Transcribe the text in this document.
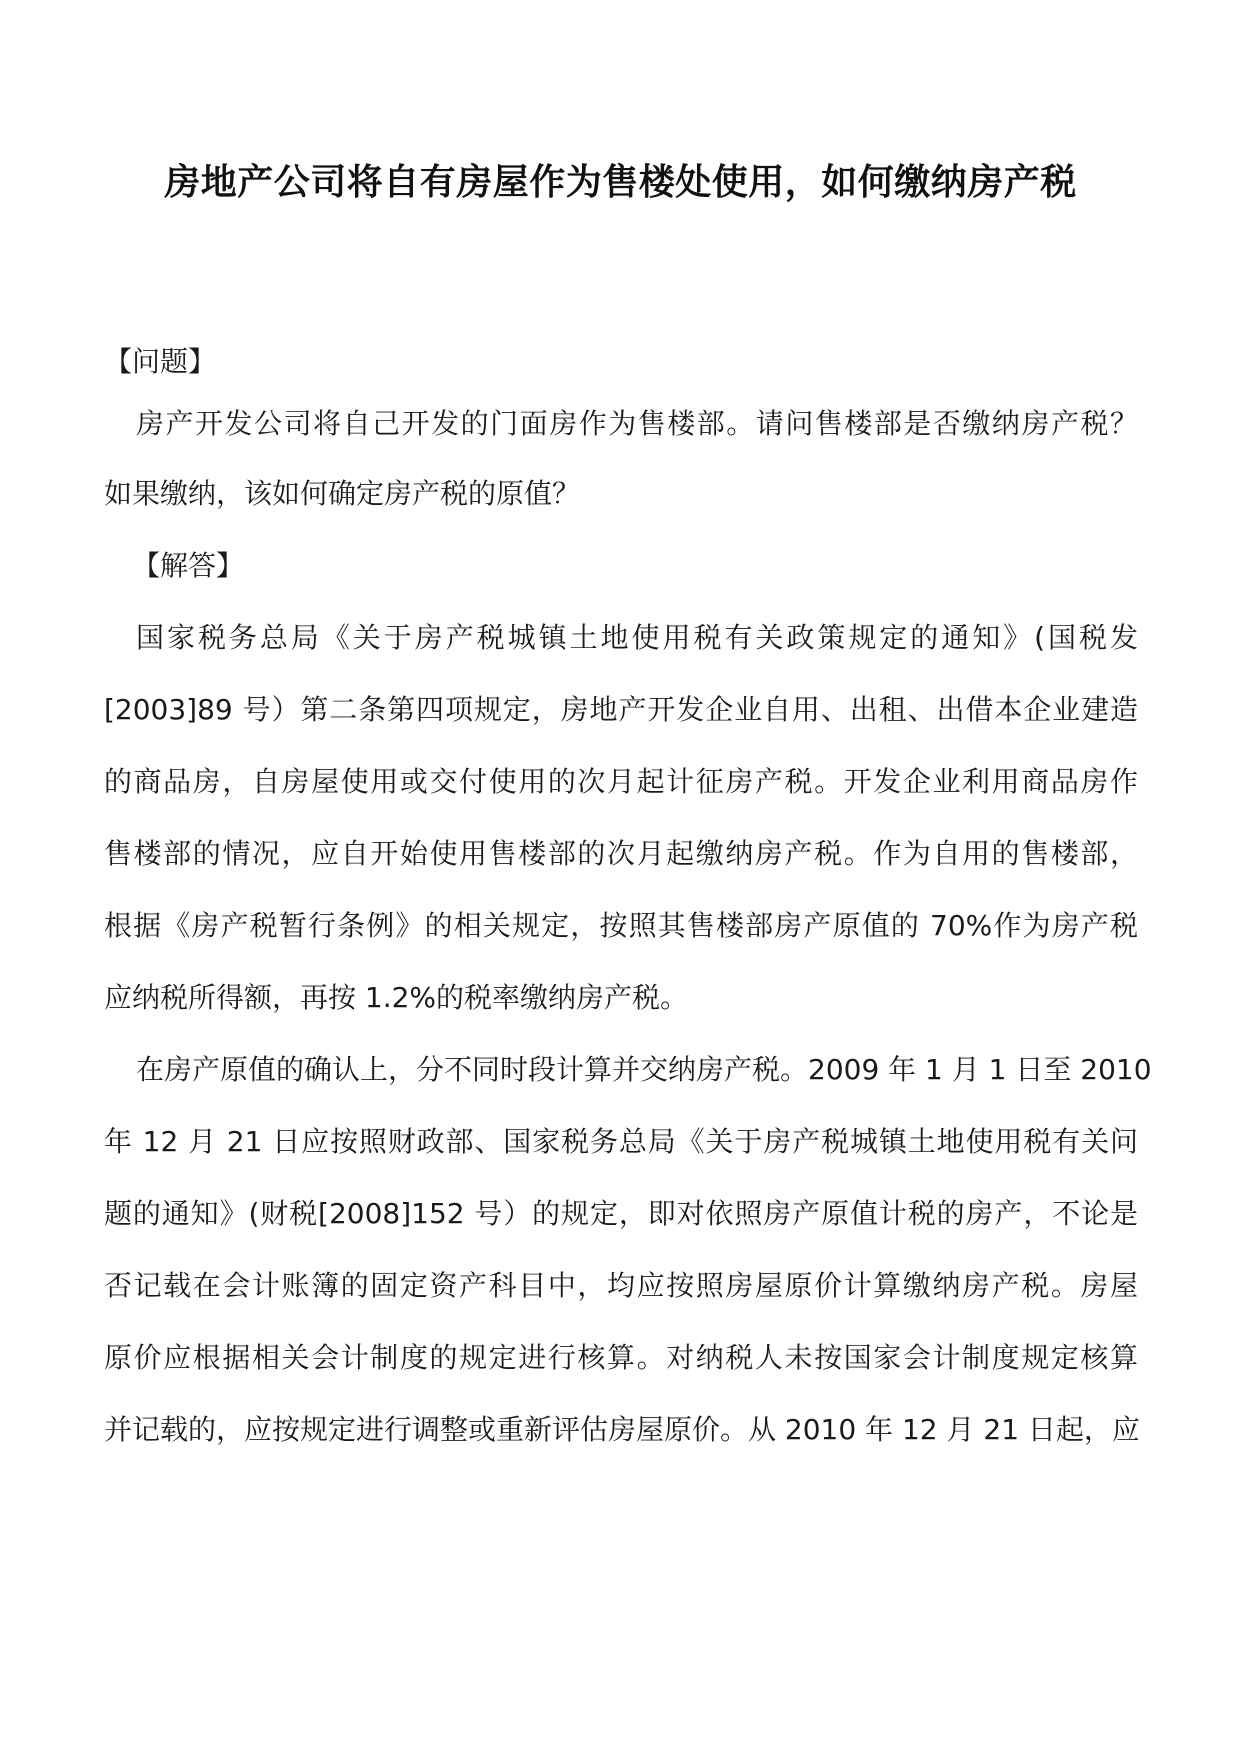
房地产公司将自有房屋作为售楼处使用，如何缴纳房产税
【问题】
房产开发公司将自己开发的门面房作为售楼部。请问售楼部是否缴纳房产税？
如果缴纳，该如何确定房产税的原值？
【解答】
国家税务总局《关于房产税城镇土地使用税有关政策规定的通知》(国税发
[2003]89 号）第二条第四项规定，房地产开发企业自用、出租、出借本企业建造
的商品房，自房屋使用或交付使用的次月起计征房产税。开发企业利用商品房作
售楼部的情况，应自开始使用售楼部的次月起缴纳房产税。作为自用的售楼部，
根据《房产税暂行条例》的相关规定，按照其售楼部房产原值的 70%作为房产税
应纳税所得额，再按 1.2%的税率缴纳房产税。
在房产原值的确认上，分不同时段计算并交纳房产税。2009 年 1 月 1 日至 2010
年 12 月 21 日应按照财政部、国家税务总局《关于房产税城镇土地使用税有关问
题的通知》(财税[2008]152 号）的规定，即对依照房产原值计税的房产，不论是
否记载在会计账簿的固定资产科目中，均应按照房屋原价计算缴纳房产税。房屋
原价应根据相关会计制度的规定进行核算。对纳税人未按国家会计制度规定核算
并记载的，应按规定进行调整或重新评估房屋原价。从 2010 年 12 月 21 日起，应
